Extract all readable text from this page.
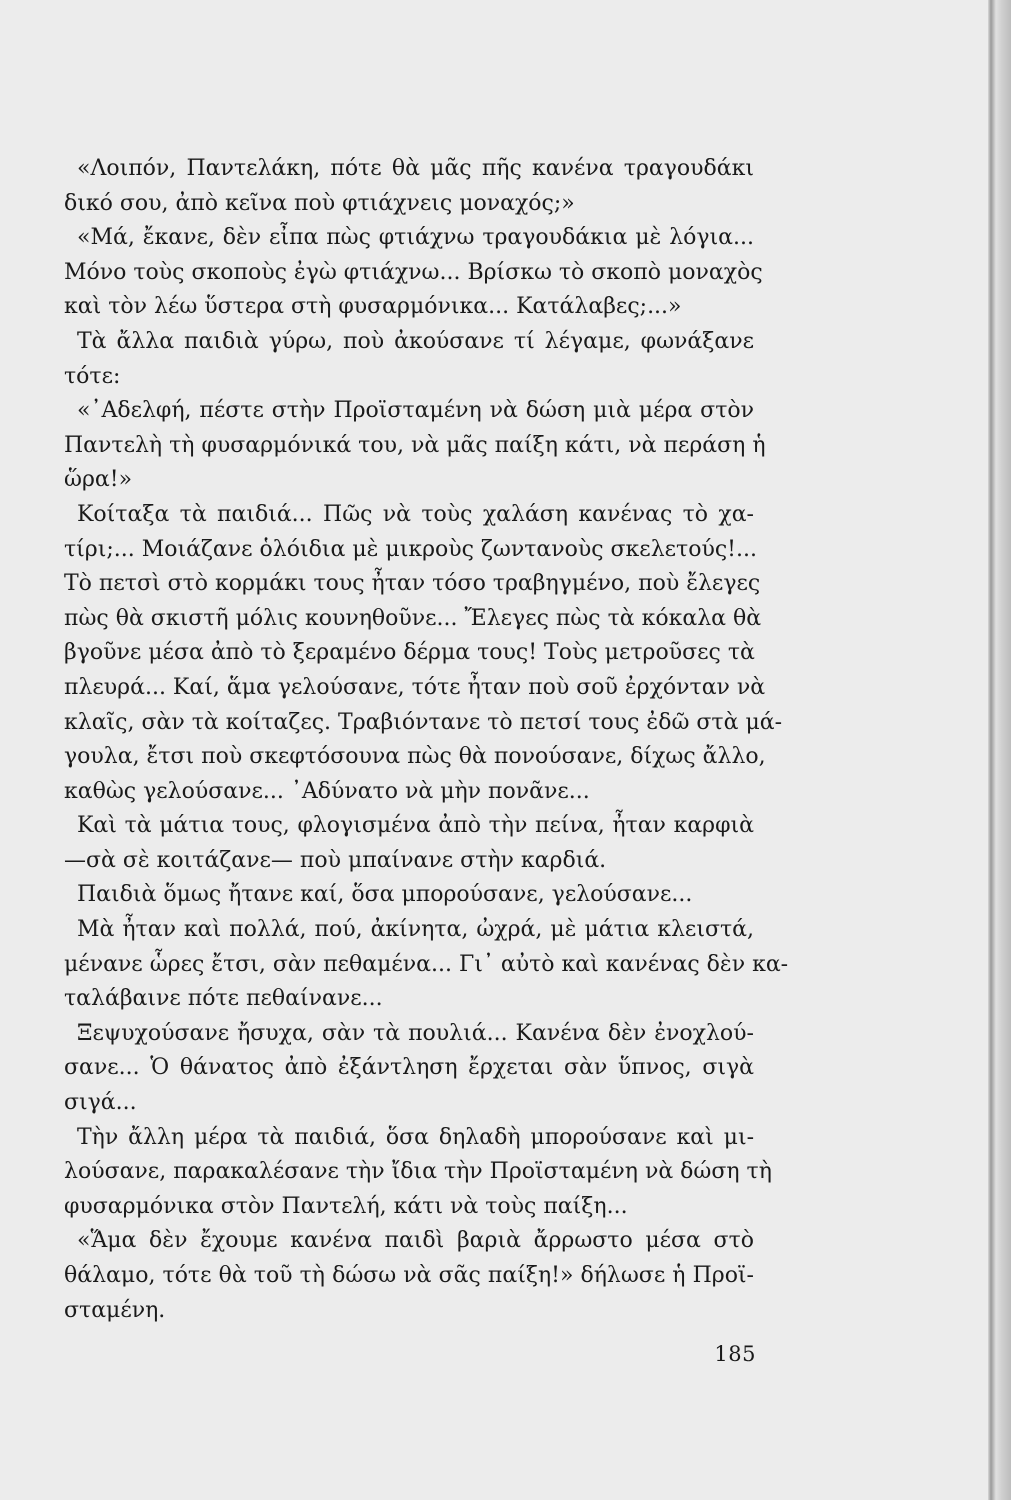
«Λοιπόν, Παντελάκη, πότε θὰ μᾶς πῆς κανένα τραγουδάκι
δικό σου, ἀπὸ κεῖνα ποὺ φτιάχνεις μοναχός;»
«Μά, ἔκανε, δὲν εἶπα πὼς φτιάχνω τραγουδάκια μὲ λόγια...
Μόνο τοὺς σκοποὺς ἐγὼ φτιάχνω... Βρίσκω τὸ σκοπὸ μοναχὸς
καὶ τὸν λέω ὕστερα στὴ φυσαρμόνικα... Κατάλαβες;...»
Τὰ ἄλλα παιδιὰ γύρω, ποὺ ἀκούσανε τί λέγαμε, φωνάξανε
τότε:
«᾿Αδελφή, πέστε στὴν Προϊσταμένη νὰ δώση μιὰ μέρα στὸν
Παντελὴ τὴ φυσαρμόνικά του, νὰ μᾶς παίξη κάτι, νὰ περάση ἡ
ὥρα!»
Κοίταξα τὰ παιδιά... Πῶς νὰ τοὺς χαλάση κανένας τὸ χα-
τίρι;... Μοιάζανε ὁλόιδια μὲ μικροὺς ζωντανοὺς σκελετούς!...
Τὸ πετσὶ στὸ κορμάκι τους ἦταν τόσο τραβηγμένο, ποὺ ἔλεγες
πὼς θὰ σκιστῆ μόλις κουνηθοῦνε... Ἔλεγες πὼς τὰ κόκαλα θὰ
βγοῦνε μέσα ἀπὸ τὸ ξεραμένο δέρμα τους! Τοὺς μετροῦσες τὰ
πλευρά... Καί, ἅμα γελούσανε, τότε ἦταν ποὺ σοῦ ἐρχόνταν νὰ
κλαῖς, σὰν τὰ κοίταζες. Τραβιόντανε τὸ πετσί τους ἐδῶ στὰ μά-
γουλα, ἔτσι ποὺ σκεφτόσουνα πὼς θὰ πονούσανε, δίχως ἄλλο,
καθὼς γελούσανε... ᾿Αδύνατο νὰ μὴν πονᾶνε...
Καὶ τὰ μάτια τους, φλογισμένα ἀπὸ τὴν πείνα, ἦταν καρφιὰ
—σὰ σὲ κοιτάζανε— ποὺ μπαίνανε στὴν καρδιά.
Παιδιὰ ὅμως ἤτανε καί, ὅσα μπορούσανε, γελούσανε...
Μὰ ἦταν καὶ πολλά, πού, ἀκίνητα, ὠχρά, μὲ μάτια κλειστά,
μένανε ὧρες ἔτσι, σὰν πεθαμένα... Γι᾿ αὐτὸ καὶ κανένας δὲν κα-
ταλάβαινε πότε πεθαίνανε...
Ξεψυχούσανε ἤσυχα, σὰν τὰ πουλιά... Κανένα δὲν ἐνοχλού-
σανε... Ὁ θάνατος ἀπὸ ἐξάντληση ἔρχεται σὰν ὕπνος, σιγὰ
σιγά...
Τὴν ἄλλη μέρα τὰ παιδιά, ὅσα δηλαδὴ μπορούσανε καὶ μι-
λούσανε, παρακαλέσανε τὴν ἴδια τὴν Προϊσταμένη νὰ δώση τὴ
φυσαρμόνικα στὸν Παντελή, κάτι νὰ τοὺς παίξη...
«Ἅμα δὲν ἔχουμε κανένα παιδὶ βαριὰ ἄρρωστο μέσα στὸ
θάλαμο, τότε θὰ τοῦ τὴ δώσω νὰ σᾶς παίξη!» δήλωσε ἡ Προϊ-
σταμένη.
185
